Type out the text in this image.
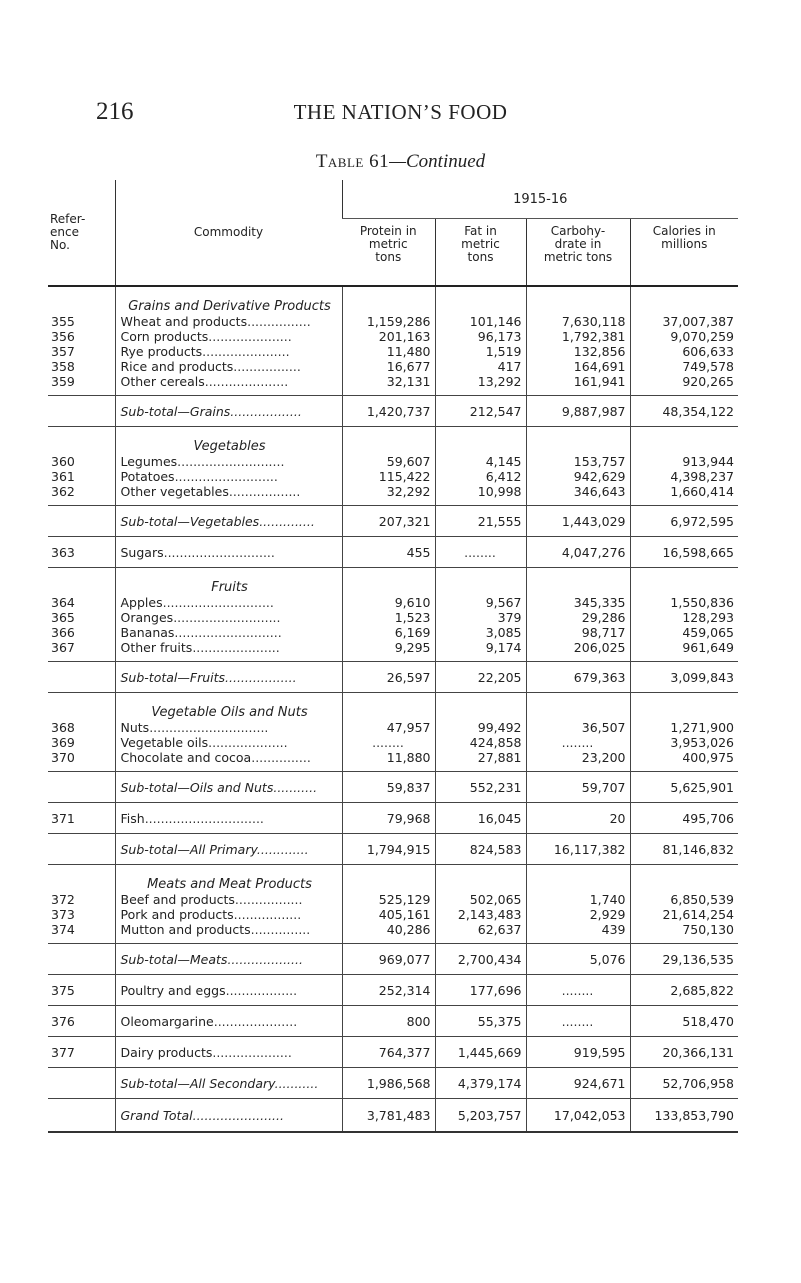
216	THE NATION’S FOOD
Table 61—Continued
Refer-
ence
No.	Commodity	1915-16			
		Protein in
metric
tons	Fat in
metric
tons	Carbohy-
drate in
metric tons	Calories in
millions

	Grains and Derivative Products				
355	Wheat and products................	1,159,286	101,146	7,630,118	37,007,387
356	Corn products.....................	201,163	96,173	1,792,381	9,070,259
357	Rye products......................	11,480	1,519	132,856	606,633
358	Rice and products.................	16,677	417	164,691	749,578
359	Other cereals.....................	32,131	13,292	161,941	920,265

	Sub-total—Grains..................	1,420,737	212,547	9,887,987	48,354,122

	Vegetables				
360	Legumes...........................	59,607	4,145	153,757	913,944
361	Potatoes..........................	115,422	6,412	942,629	4,398,237
362	Other vegetables..................	32,292	10,998	346,643	1,660,414

	Sub-total—Vegetables..............	207,321	21,555	1,443,029	6,972,595
363	Sugars............................	455	........	4,047,276	16,598,665

	Fruits				
364	Apples............................	9,610	9,567	345,335	1,550,836
365	Oranges...........................	1,523	379	29,286	128,293
366	Bananas...........................	6,169	3,085	98,717	459,065
367	Other fruits......................	9,295	9,174	206,025	961,649

	Sub-total—Fruits..................	26,597	22,205	679,363	3,099,843

	Vegetable Oils and Nuts				
368	Nuts..............................	47,957	99,492	36,507	1,271,900
369	Vegetable oils....................	........	424,858	........	3,953,026
370	Chocolate and cocoa...............	11,880	27,881	23,200	400,975

	Sub-total—Oils and Nuts...........	59,837	552,231	59,707	5,625,901
371	Fish..............................	79,968	16,045	20	495,706
	Sub-total—All Primary.............	1,794,915	824,583	16,117,382	81,146,832

	Meats and Meat Products				
372	Beef and products.................	525,129	502,065	1,740	6,850,539
373	Pork and products.................	405,161	2,143,483	2,929	21,614,254
374	Mutton and products...............	40,286	62,637	439	750,130

	Sub-total—Meats...................	969,077	2,700,434	5,076	29,136,535
375	Poultry and eggs..................	252,314	177,696	........	2,685,822
376	Oleomargarine.....................	800	55,375	........	518,470
377	Dairy products....................	764,377	1,445,669	919,595	20,366,131
	Sub-total—All Secondary...........	1,986,568	4,379,174	924,671	52,706,958
	Grand Total.......................	3,781,483	5,203,757	17,042,053	133,853,790
